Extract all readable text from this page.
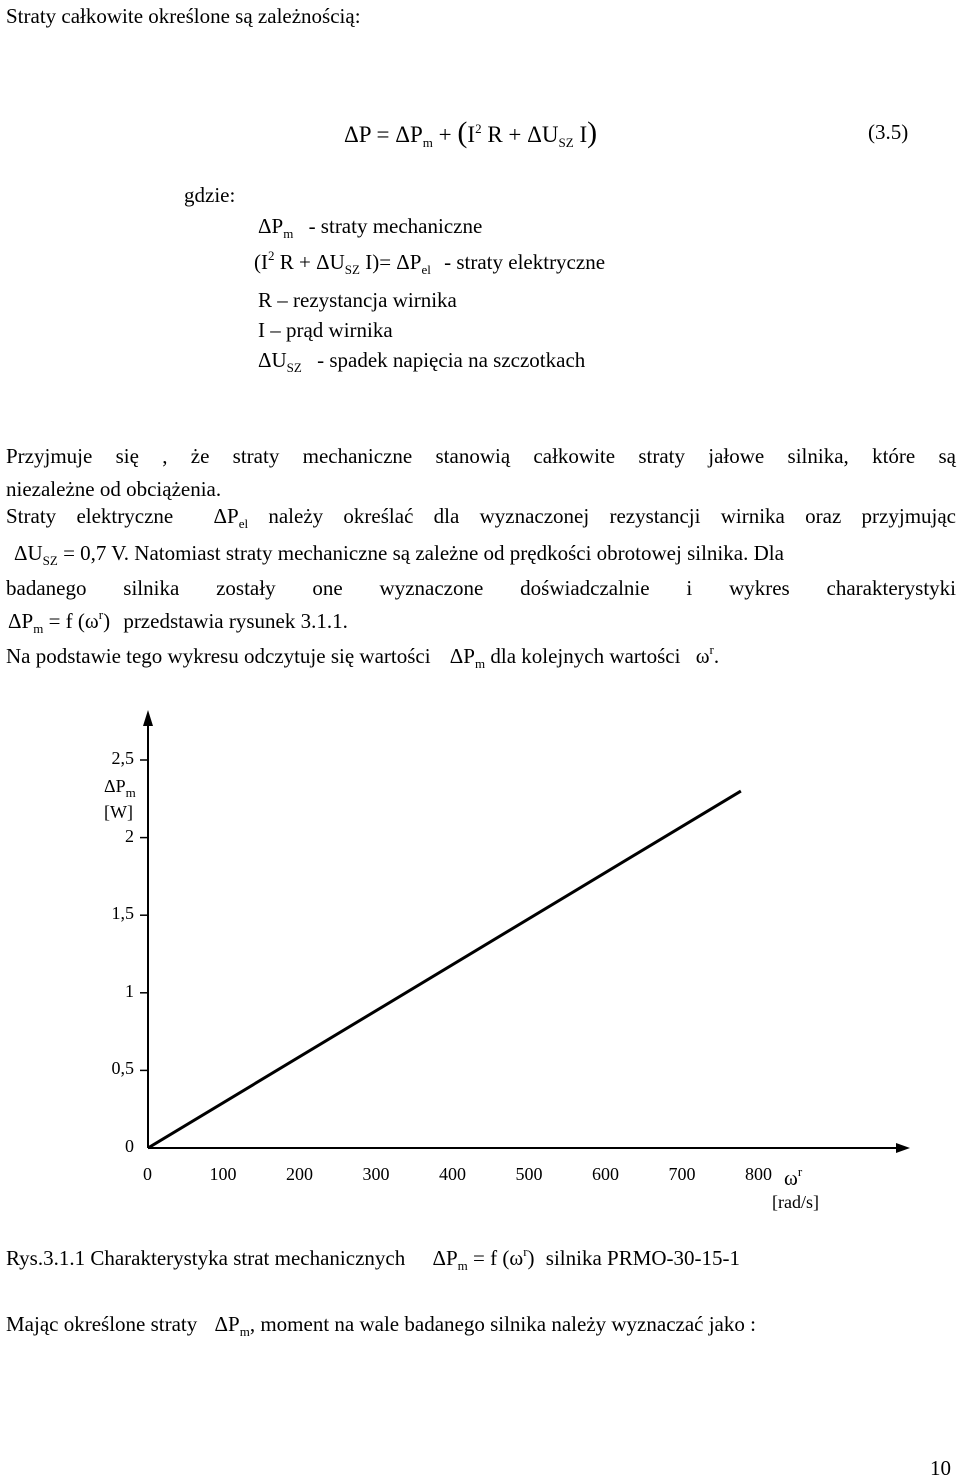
Straty całkowite określone są zależnością:
$\Delta P = \Delta P_m + (I^2$ $R + \Delta U_{SZ}$ I)	(3.5)
gdzie:
$\Delta P_m$ - straty mechaniczne
($I^2$ $R + \Delta U_{SZ}$ $I)= \Delta P_{el}$ - straty elektryczne
R – rezystancja wirnika
I – prąd wirnika
$\Delta U_{SZ}$ - spadek napięcia na szczotkach
Przyjmuje się , że straty mechaniczne stanowią całkowite straty jałowe silnika, które są
niezależne od obciążenia.
Straty elektryczne $\Delta P_{el}$ należy określać dla wyznaczonej rezystancji wirnika oraz przyjmując
$\Delta U_{SZ} = 0,7$ V. Natomiast straty mechaniczne są zależne od prędkości obrotowej silnika. Dla
badanego silnika zostały one wyznaczone doświadczalnie i wykres charakterystyki
$\Delta P_m = f$ $(\omega^r)$ przedstawia rysunek 3.1.1.
Na podstawie tego wykresu odczytuje się wartości $\Delta P_m$ dla kolejnych wartości $\omega^r$.
0
0,5
1
1,5
2
2,5
0	100	200	300	400	500	600	700	800
$\Delta P_m$
[W]
$\omega^r$
[rad/s]
Rys.3.1.1 Charakterystyka strat mechanicznych $\Delta P_m = f$ $(\omega^r)$ silnika PRMO-30-15-1
Mając określone straty $\Delta P_m$, moment na wale badanego silnika należy wyznaczać jako :
10
